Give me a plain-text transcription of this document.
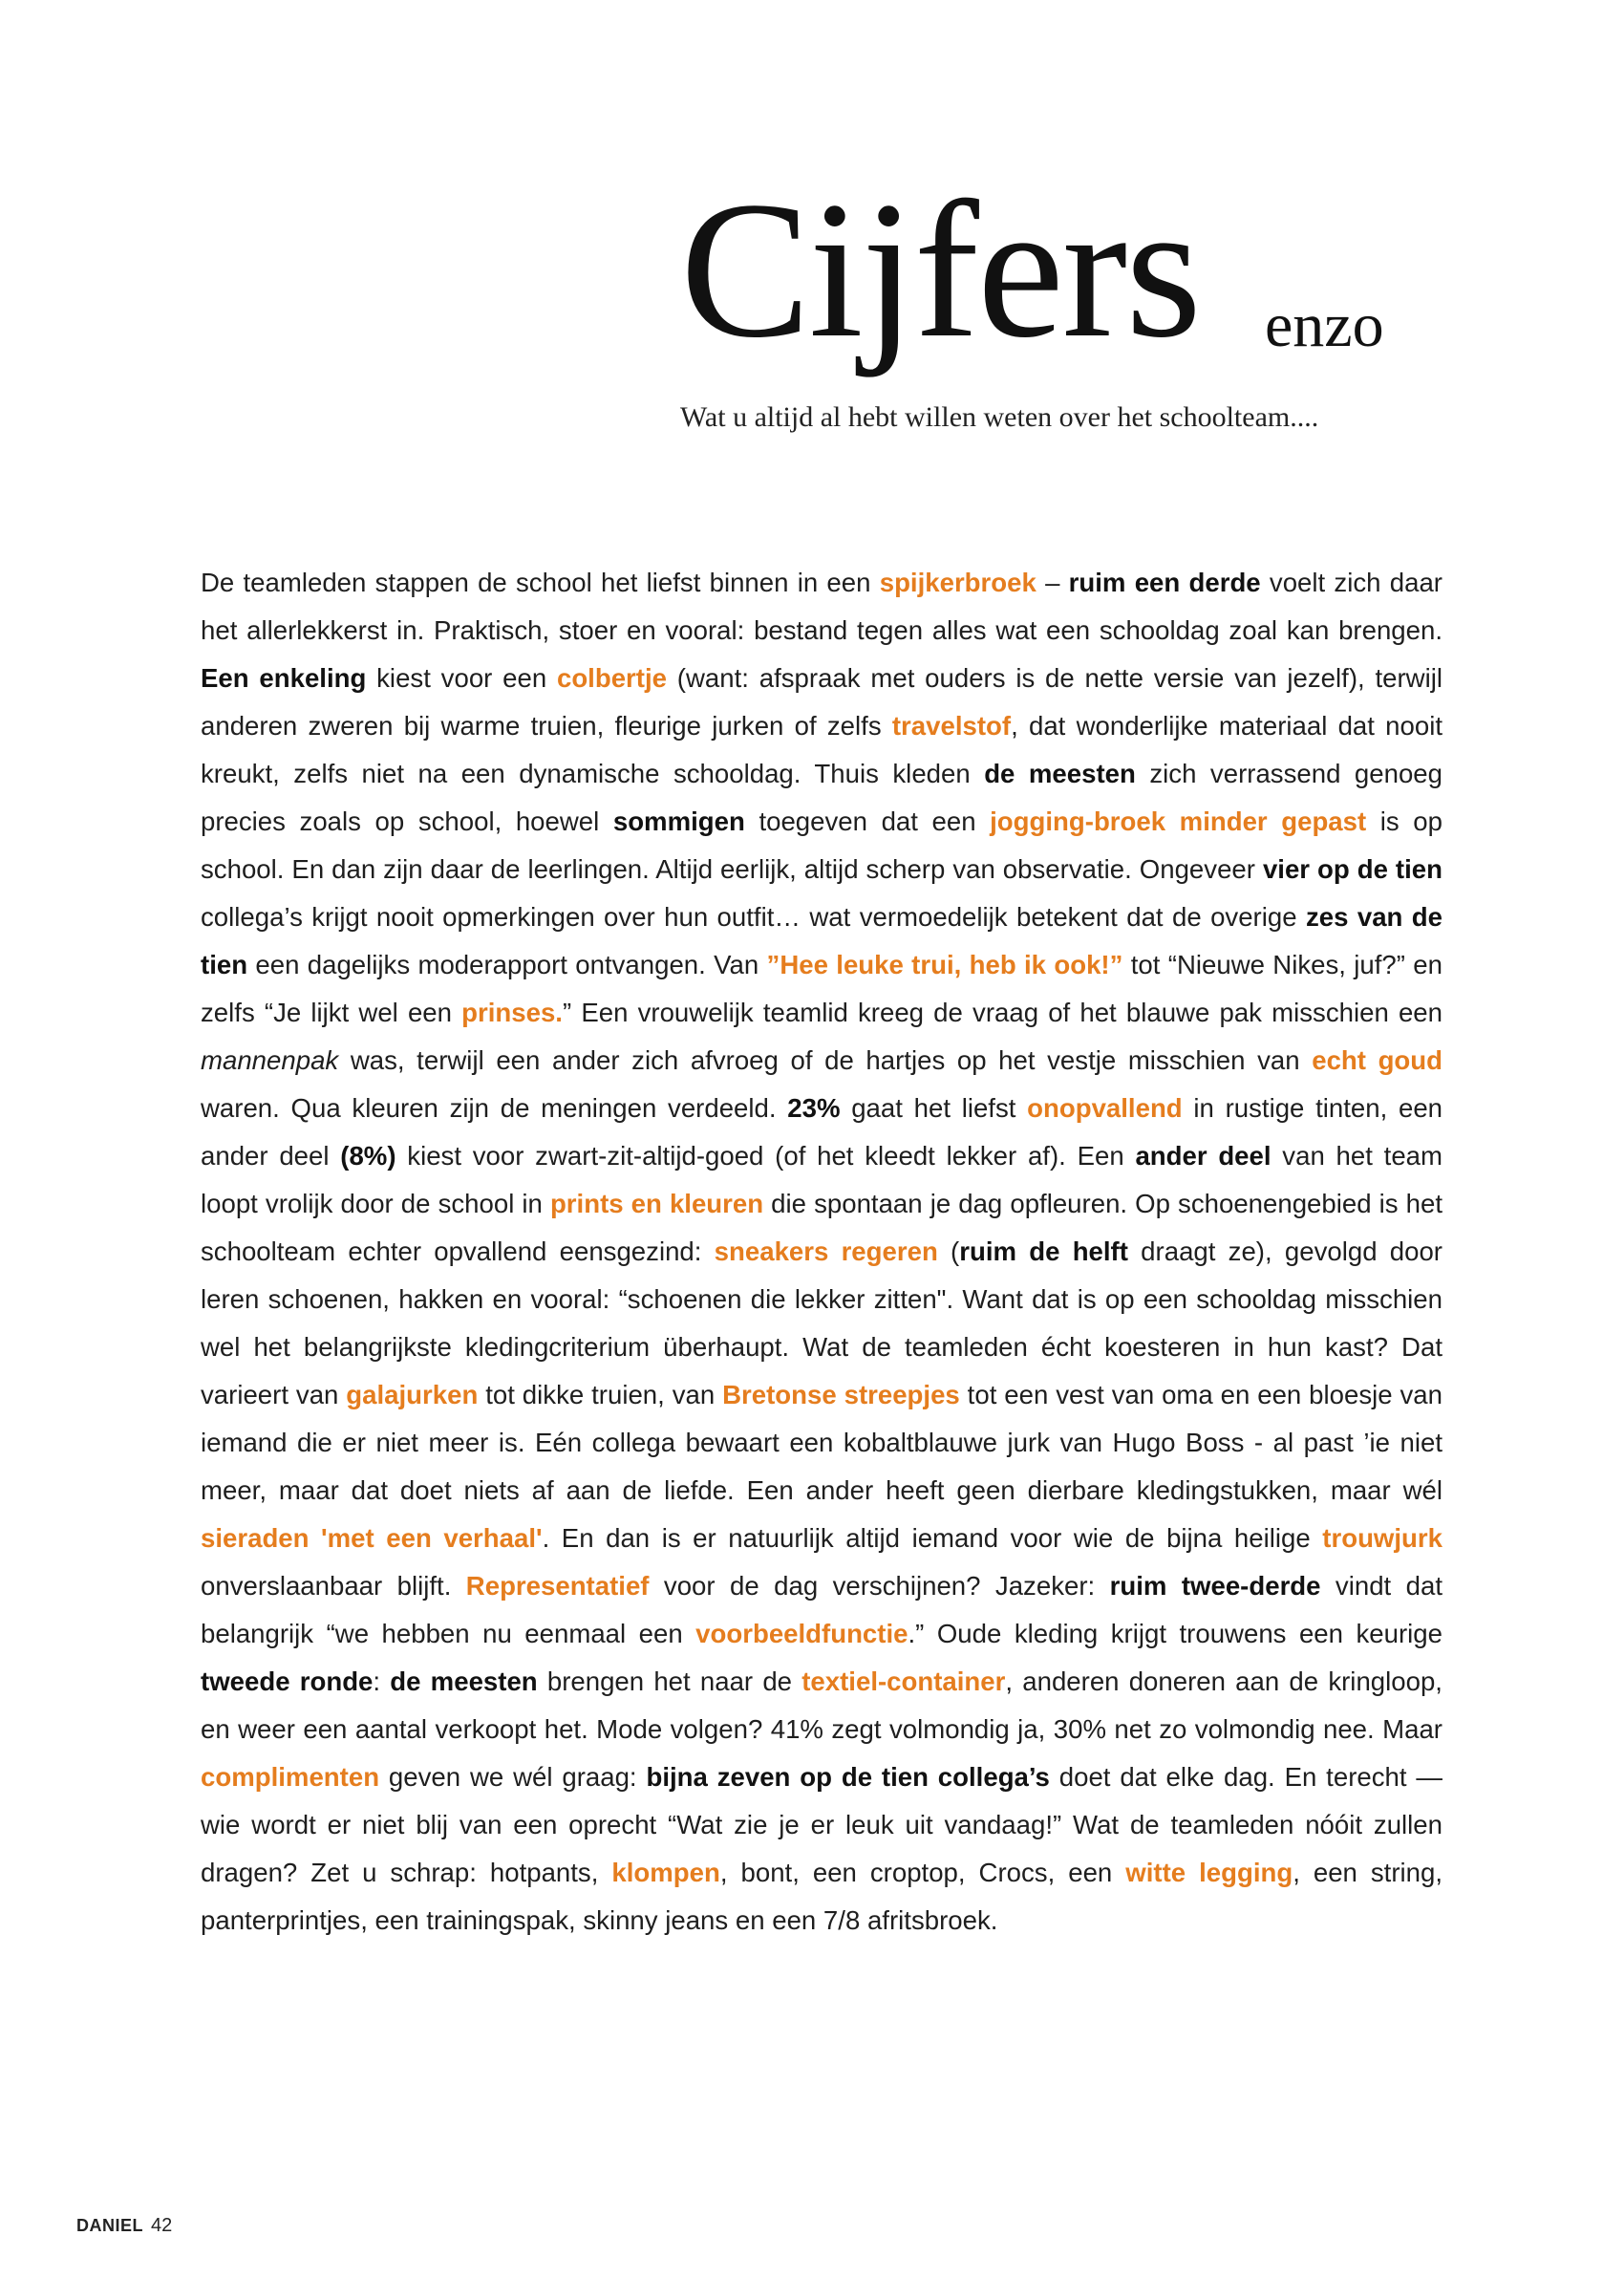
Cijfers enzo
Wat u altijd al hebt willen weten over het schoolteam....

De teamleden stappen de school het liefst binnen in een spijkerbroek – ruim een derde voelt zich daar het allerlekkerst in. Praktisch, stoer en vooral: bestand tegen alles wat een schooldag zoal kan brengen. Een enkeling kiest voor een colbertje (want: afspraak met ouders is de nette versie van jezelf), terwijl anderen zweren bij warme truien, fleurige jurken of zelfs travelstof, dat wonderlijke materiaal dat nooit kreukt, zelfs niet na een dynamische schooldag. Thuis kleden de meesten zich verrassend genoeg precies zoals op school, hoewel sommigen toegeven dat een jogging-broek minder gepast is op school. En dan zijn daar de leerlingen. Altijd eerlijk, altijd scherp van observatie. Ongeveer vier op de tien collega’s krijgt nooit opmerkingen over hun outfit… wat vermoedelijk betekent dat de overige zes van de tien een dagelijks moderapport ontvangen. Van ”Hee leuke trui, heb ik ook!” tot “Nieuwe Nikes, juf?” en zelfs “Je lijkt wel een prinses.” Een vrouwelijk teamlid kreeg de vraag of het blauwe pak misschien een mannenpak was, terwijl een ander zich afvroeg of de hartjes op het vestje misschien van echt goud waren. Qua kleuren zijn de meningen verdeeld. 23% gaat het liefst onopvallend in rustige tinten, een ander deel (8%) kiest voor zwart-zit-altijd-goed (of het kleedt lekker af). Een ander deel van het team loopt vrolijk door de school in prints en kleuren die spontaan je dag opfleuren. Op schoenengebied is het schoolteam echter opvallend eensgezind: sneakers regeren (ruim de helft draagt ze), gevolgd door leren schoenen, hakken en vooral: “schoenen die lekker zitten". Want dat is op een schooldag misschien wel het belangrijkste kledingcriterium überhaupt. Wat de teamleden écht koesteren in hun kast? Dat varieert van galajurken tot dikke truien, van Bretonse streepjes tot een vest van oma en een bloesje van iemand die er niet meer is. Eén collega bewaart een kobaltblauwe jurk van Hugo Boss - al past ’ie niet meer, maar dat doet niets af aan de liefde. Een ander heeft geen dierbare kledingstukken, maar wél sieraden 'met een verhaal'. En dan is er natuurlijk altijd iemand voor wie de bijna heilige trouwjurk onverslaanbaar blijft. Representatief voor de dag verschijnen? Jazeker: ruim twee-derde vindt dat belangrijk “we hebben nu eenmaal een voorbeeldfunctie.” Oude kleding krijgt trouwens een keurige tweede ronde: de meesten brengen het naar de textiel-container, anderen doneren aan de kringloop, en weer een aantal verkoopt het. Mode volgen? 41% zegt volmondig ja, 30% net zo volmondig nee. Maar complimenten geven we wél graag: bijna zeven op de tien collega’s doet dat elke dag. En terecht — wie wordt er niet blij van een oprecht “Wat zie je er leuk uit vandaag!” Wat de teamleden nóóit zullen dragen? Zet u schrap: hotpants, klompen, bont, een croptop, Crocs, een witte legging, een string, panterprintjes, een trainingspak, skinny jeans en een 7/8 afritsbroek.

DANIEL 42
